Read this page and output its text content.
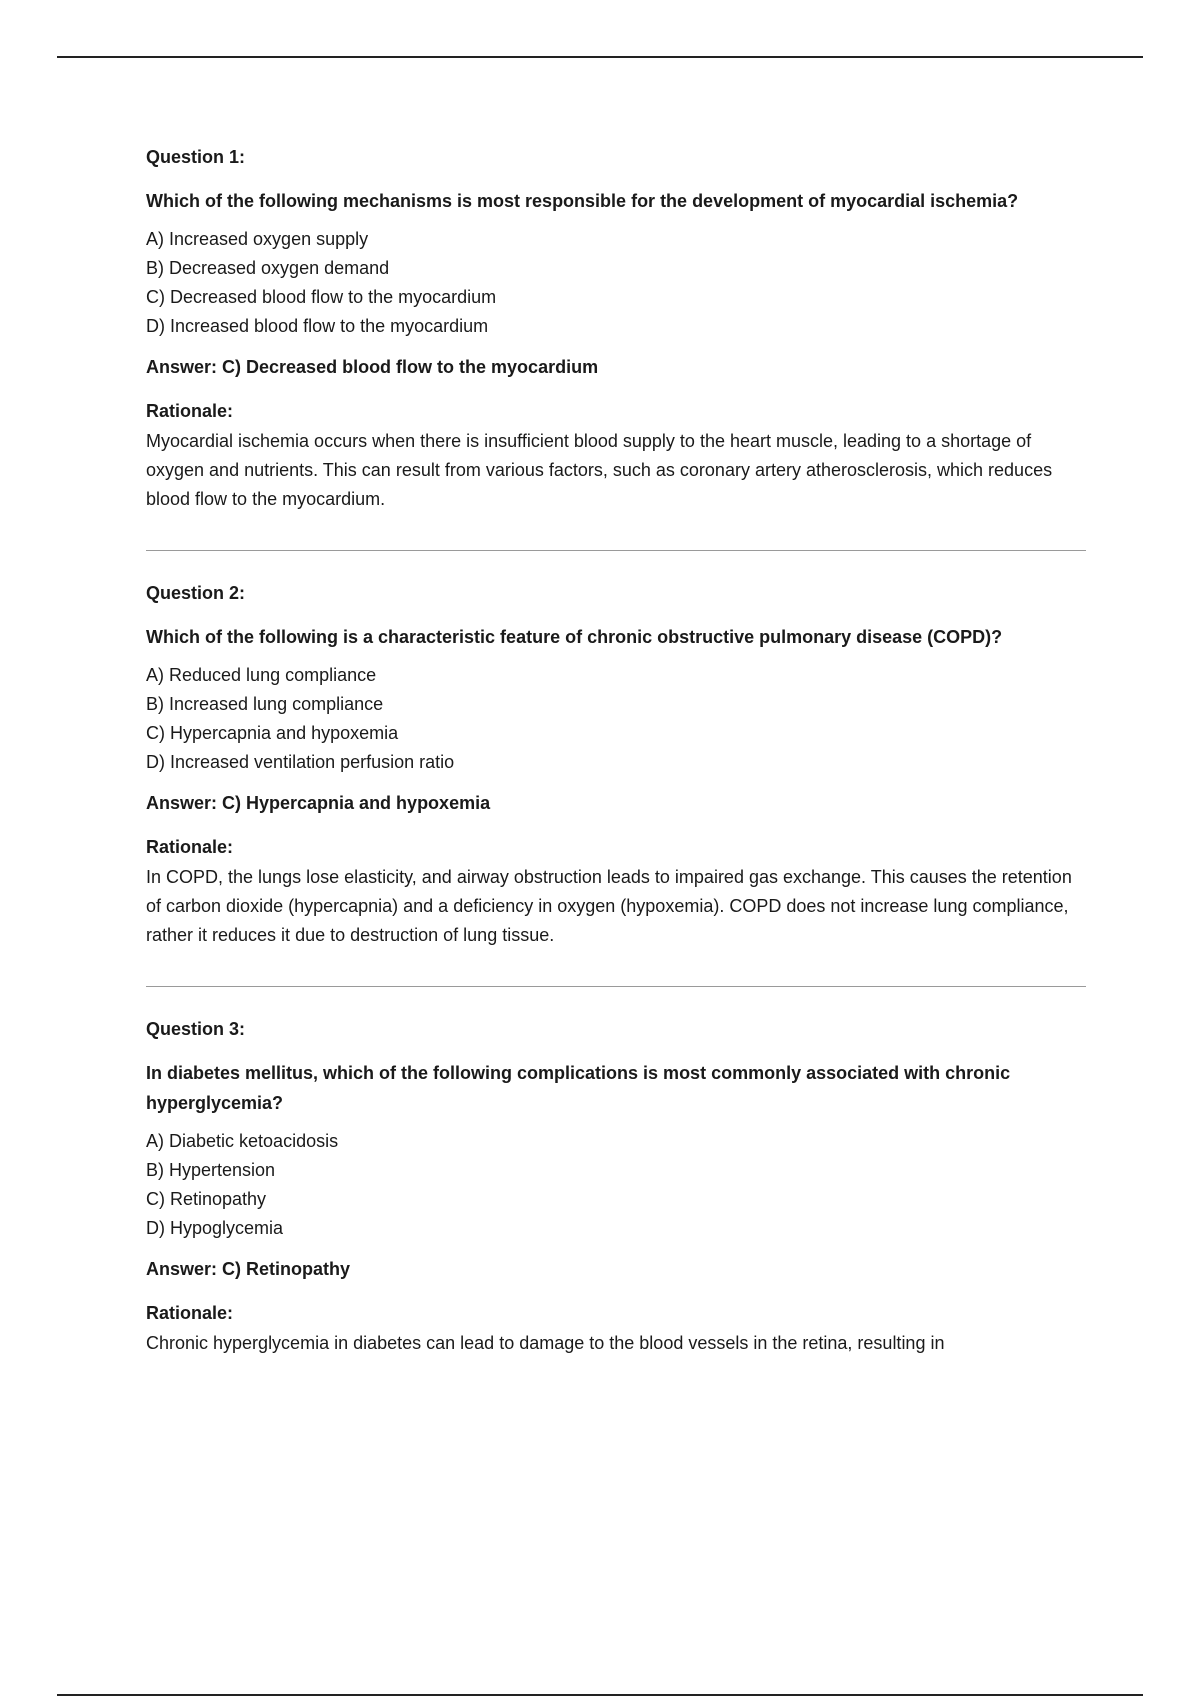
Question 1:
Which of the following mechanisms is most responsible for the development of myocardial ischemia?
A) Increased oxygen supply
B) Decreased oxygen demand
C) Decreased blood flow to the myocardium
D) Increased blood flow to the myocardium
Answer: C) Decreased blood flow to the myocardium
Rationale:

Myocardial ischemia occurs when there is insufficient blood supply to the heart muscle, leading to a shortage of oxygen and nutrients. This can result from various factors, such as coronary artery atherosclerosis, which reduces blood flow to the myocardium.

Question 2:
Which of the following is a characteristic feature of chronic obstructive pulmonary disease (COPD)?
A) Reduced lung compliance
B) Increased lung compliance
C) Hypercapnia and hypoxemia
D) Increased ventilation perfusion ratio
Answer: C) Hypercapnia and hypoxemia
Rationale:

In COPD, the lungs lose elasticity, and airway obstruction leads to impaired gas exchange. This causes the retention of carbon dioxide (hypercapnia) and a deficiency in oxygen (hypoxemia). COPD does not increase lung compliance, rather it reduces it due to destruction of lung tissue.

Question 3:
In diabetes mellitus, which of the following complications is most commonly associated with chronic hyperglycemia?
A) Diabetic ketoacidosis
B) Hypertension
C) Retinopathy
D) Hypoglycemia
Answer: C) Retinopathy
Rationale:

Chronic hyperglycemia in diabetes can lead to damage to the blood vessels in the retina, resulting in
